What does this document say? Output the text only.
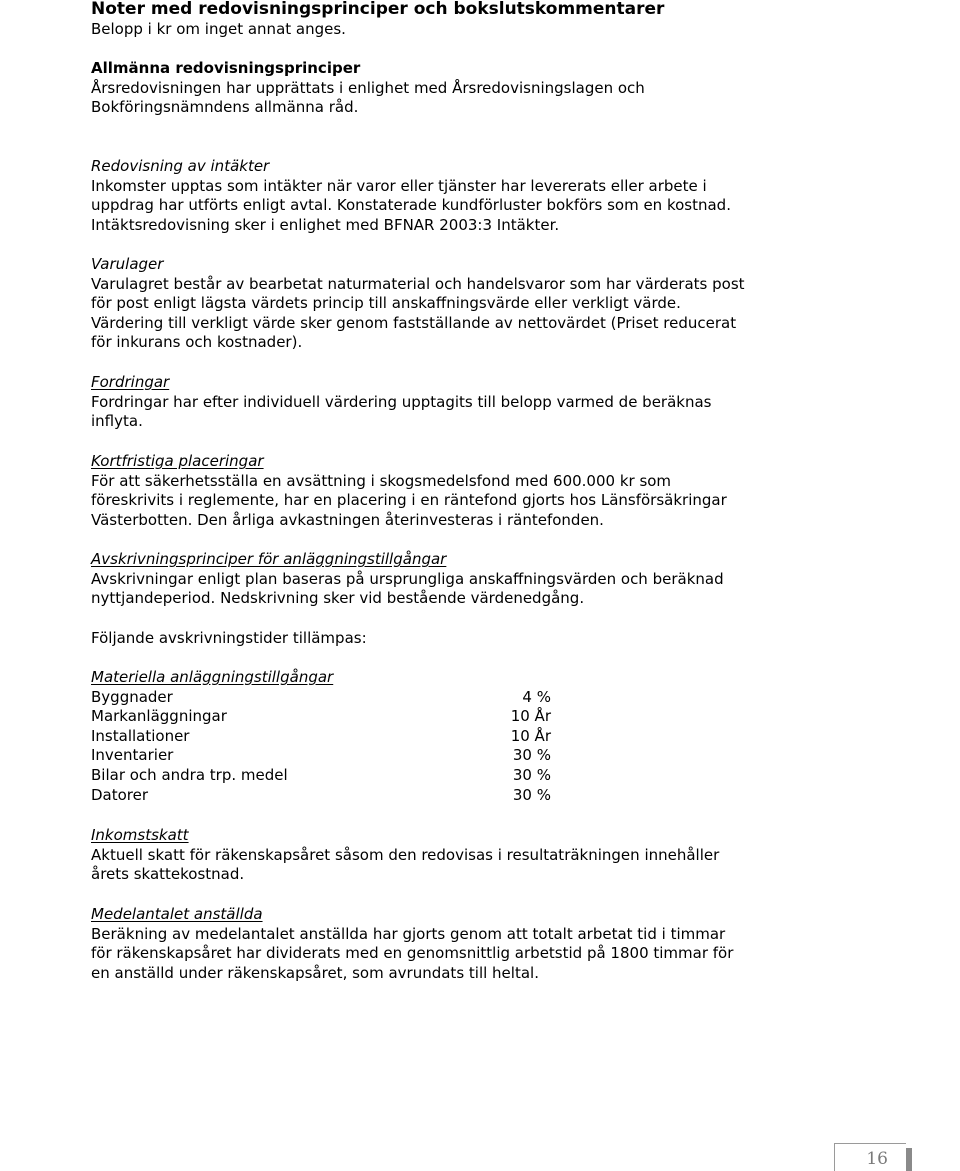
Noter med redovisningsprinciper och bokslutskommentarer
Belopp i kr om inget annat anges.
Allmänna redovisningsprinciper
Årsredovisningen har upprättats i enlighet med Årsredovisningslagen och
Bokföringsnämndens allmänna råd.
Redovisning av intäkter
Inkomster upptas som intäkter när varor eller tjänster har levererats eller arbete i
uppdrag har utförts enligt avtal. Konstaterade kundförluster bokförs som en kostnad.
Intäktsredovisning sker i enlighet med BFNAR 2003:3 Intäkter.
Varulager
Varulagret består av bearbetat naturmaterial och handelsvaror som har värderats post
för post enligt lägsta värdets princip till anskaffningsvärde eller verkligt värde.
Värdering till verkligt värde sker genom fastställande av nettovärdet (Priset reducerat
för inkurans och kostnader).
Fordringar
Fordringar har efter individuell värdering upptagits till belopp varmed de beräknas
inflyta.
Kortfristiga placeringar
För att säkerhetsställa en avsättning i skogsmedelsfond med 600.000 kr som
föreskrivits i reglemente, har en placering i en räntefond gjorts hos Länsförsäkringar
Västerbotten. Den årliga avkastningen återinvesteras i räntefonden.
Avskrivningsprinciper för anläggningstillgångar
Avskrivningar enligt plan baseras på ursprungliga anskaffningsvärden och beräknad
nyttjandeperiod. Nedskrivning sker vid bestående värdenedgång.
Följande avskrivningstider tillämpas:
Materiella anläggningstillgångar
Byggnader	4 %
Markanläggningar	10 År
Installationer	10 År
Inventarier	30 %
Bilar och andra trp. medel	30 %
Datorer	30 %
Inkomstskatt
Aktuell skatt för räkenskapsåret såsom den redovisas i resultaträkningen innehåller
årets skattekostnad.
Medelantalet anställda
Beräkning av medelantalet anställda har gjorts genom att totalt arbetat tid i timmar
för räkenskapsåret har dividerats med en genomsnittlig arbetstid på 1800 timmar för
en anställd under räkenskapsåret, som avrundats till heltal.
16
